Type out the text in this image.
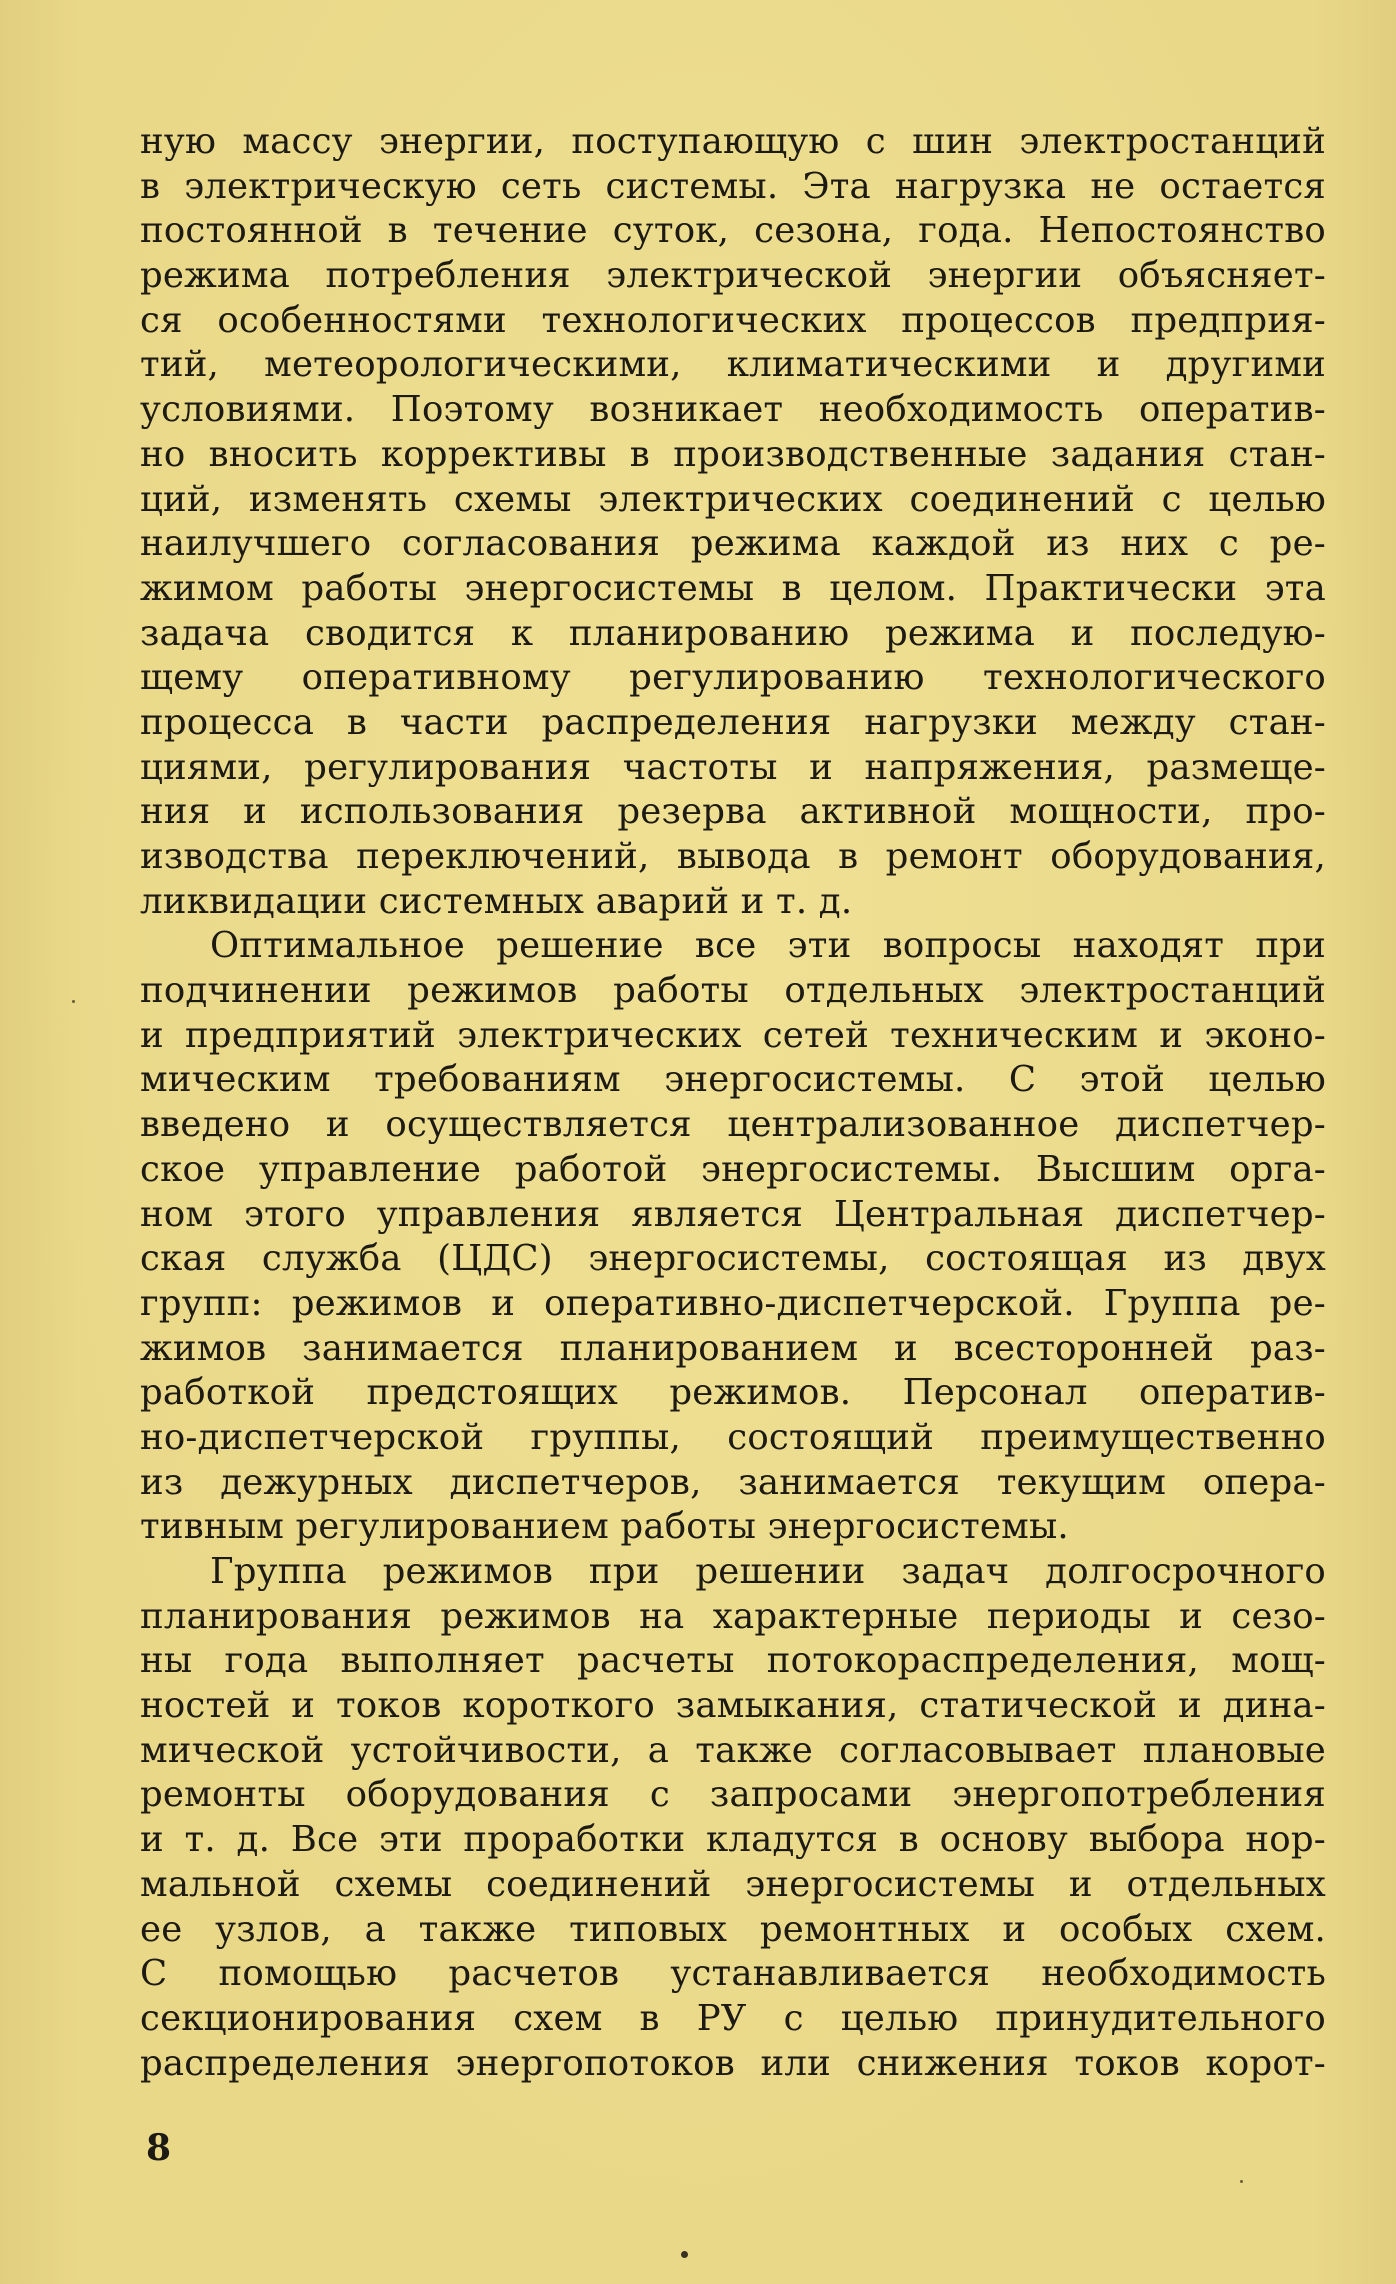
ную массу энергии, поступающую с шин электростанций
в электрическую сеть системы. Эта нагрузка не остается
постоянной в течение суток, сезона, года. Непостоянство
режима потребления электрической энергии объясняет-
ся особенностями технологических процессов предприя-
тий, метеорологическими, климатическими и другими
условиями. Поэтому возникает необходимость оператив-
но вносить коррективы в производственные задания стан-
ций, изменять схемы электрических соединений с целью
наилучшего согласования режима каждой из них с ре-
жимом работы энергосистемы в целом. Практически эта
задача сводится к планированию режима и последую-
щему оперативному регулированию технологического
процесса в части распределения нагрузки между стан-
циями, регулирования частоты и напряжения, размеще-
ния и использования резерва активной мощности, про-
изводства переключений, вывода в ремонт оборудования,
ликвидации системных аварий и т. д.
Оптимальное решение все эти вопросы находят при
подчинении режимов работы отдельных электростанций
и предприятий электрических сетей техническим и эконо-
мическим требованиям энергосистемы. С этой целью
введено и осуществляется централизованное диспетчер-
ское управление работой энергосистемы. Высшим орга-
ном этого управления является Центральная диспетчер-
ская служба (ЦДС) энергосистемы, состоящая из двух
групп: режимов и оперативно-диспетчерской. Группа ре-
жимов занимается планированием и всесторонней раз-
работкой предстоящих режимов. Персонал оператив-
но-диспетчерской группы, состоящий преимущественно
из дежурных диспетчеров, занимается текущим опера-
тивным регулированием работы энергосистемы.
Группа режимов при решении задач долгосрочного
планирования режимов на характерные периоды и сезо-
ны года выполняет расчеты потокораспределения, мощ-
ностей и токов короткого замыкания, статической и дина-
мической устойчивости, а также согласовывает плановые
ремонты оборудования с запросами энергопотребления
и т. д. Все эти проработки кладутся в основу выбора нор-
мальной схемы соединений энергосистемы и отдельных
ее узлов, а также типовых ремонтных и особых схем.
С помощью расчетов устанавливается необходимость
секционирования схем в РУ с целью принудительного
распределения энергопотоков или снижения токов корот-
8
